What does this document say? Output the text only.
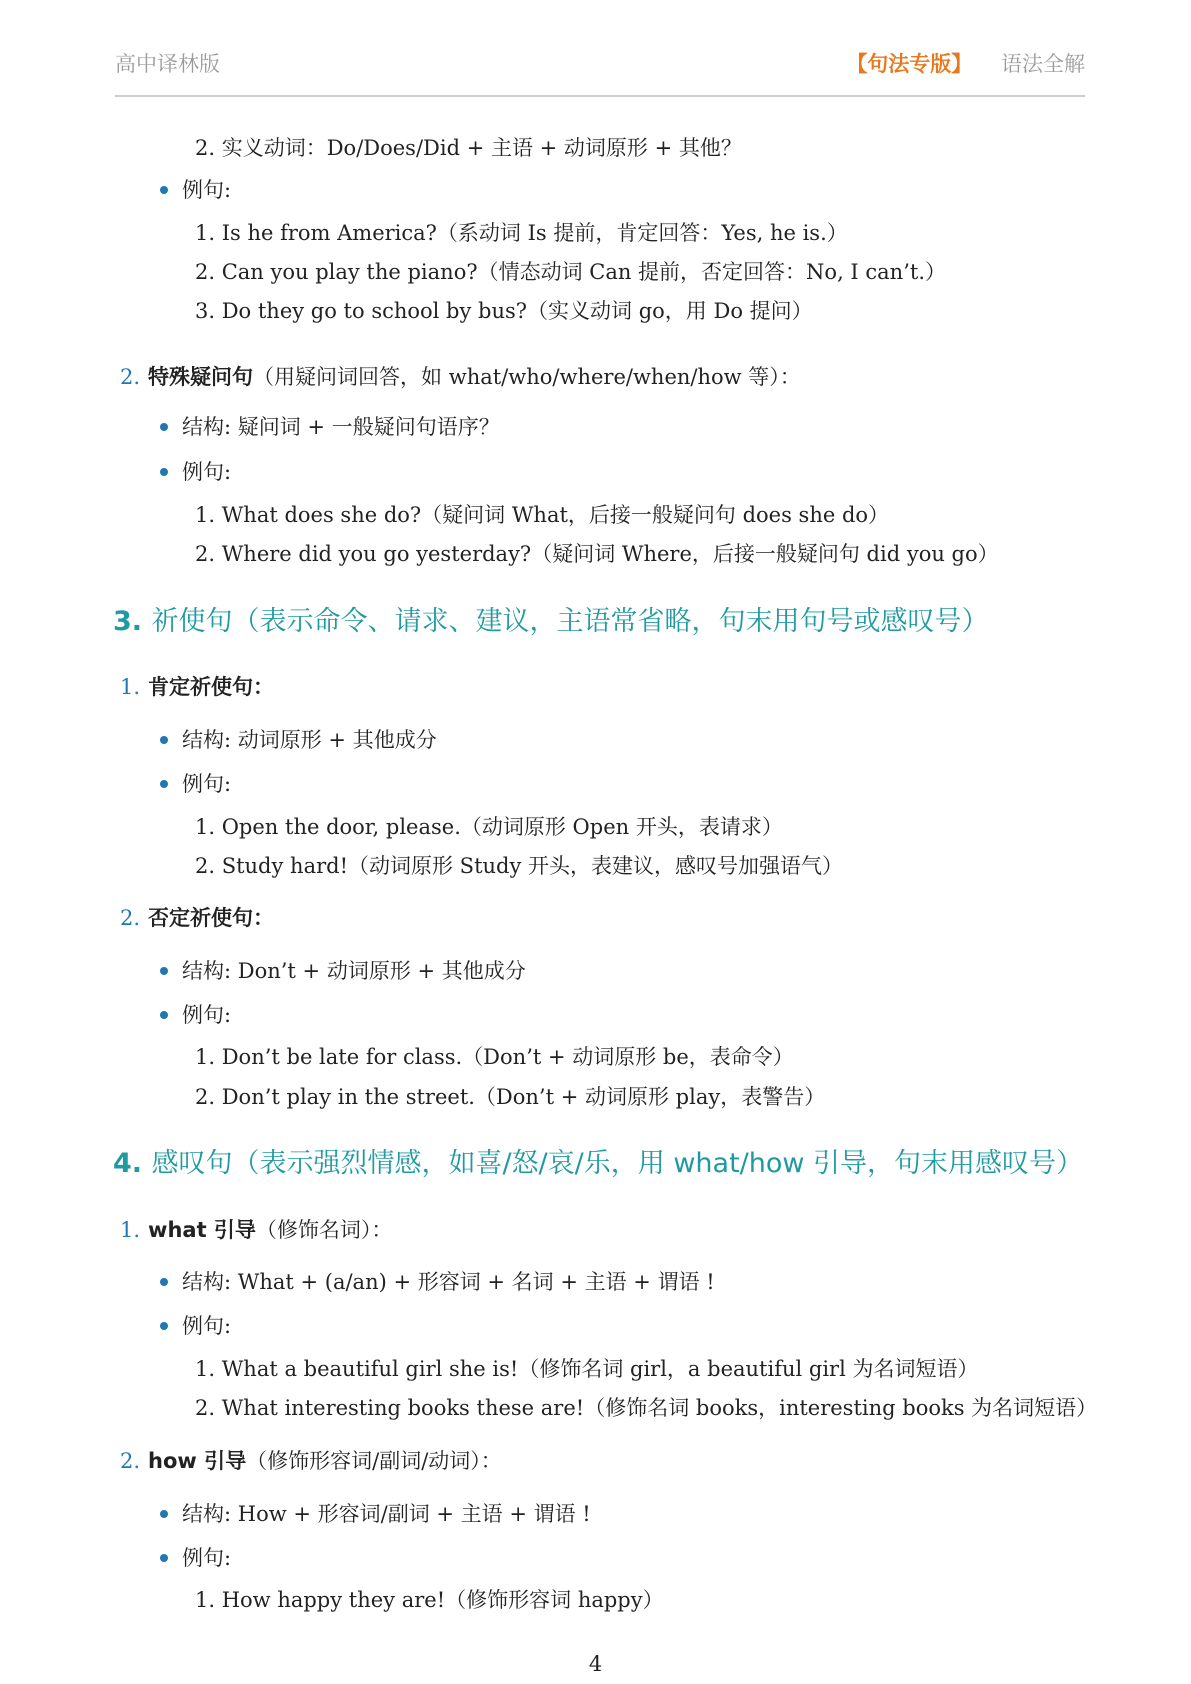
高中译林版	【句法专版】 语法全解
2. 实义动词：Do/Does/Did + 主语 + 动词原形 + 其他？
例句:
1. Is he from America?（系动词 Is 提前，肯定回答：Yes, he is.）
2. Can you play the piano?（情态动词 Can 提前，否定回答：No, I can’t.）
3. Do they go to school by bus?（实义动词 go，用 Do 提问）
2. 特殊疑问句（用疑问词回答，如 what/who/where/when/how 等）：
结构: 疑问词 + 一般疑问句语序？
例句:
1. What does she do?（疑问词 What，后接一般疑问句 does she do）
2. Where did you go yesterday?（疑问词 Where，后接一般疑问句 did you go）
3. 祈使句（表示命令、请求、建议，主语常省略，句末用句号或感叹号）
1. 肯定祈使句：
结构: 动词原形 + 其他成分
例句:
1. Open the door, please.（动词原形 Open 开头，表请求）
2. Study hard!（动词原形 Study 开头，表建议，感叹号加强语气）
2. 否定祈使句：
结构: Don’t + 动词原形 + 其他成分
例句:
1. Don’t be late for class.（Don’t + 动词原形 be，表命令）
2. Don’t play in the street.（Don’t + 动词原形 play，表警告）
4. 感叹句（表示强烈情感，如喜/怒/哀/乐，用 what/how 引导，句末用感叹号）
1. what 引导（修饰名词）：
结构: What + (a/an) + 形容词 + 名词 + 主语 + 谓语 !
例句:
1. What a beautiful girl she is!（修饰名词 girl，a beautiful girl 为名词短语）
2. What interesting books these are!（修饰名词 books，interesting books 为名词短语）
2. how 引导（修饰形容词/副词/动词）：
结构: How + 形容词/副词 + 主语 + 谓语 !
例句:
1. How happy they are!（修饰形容词 happy）
4
